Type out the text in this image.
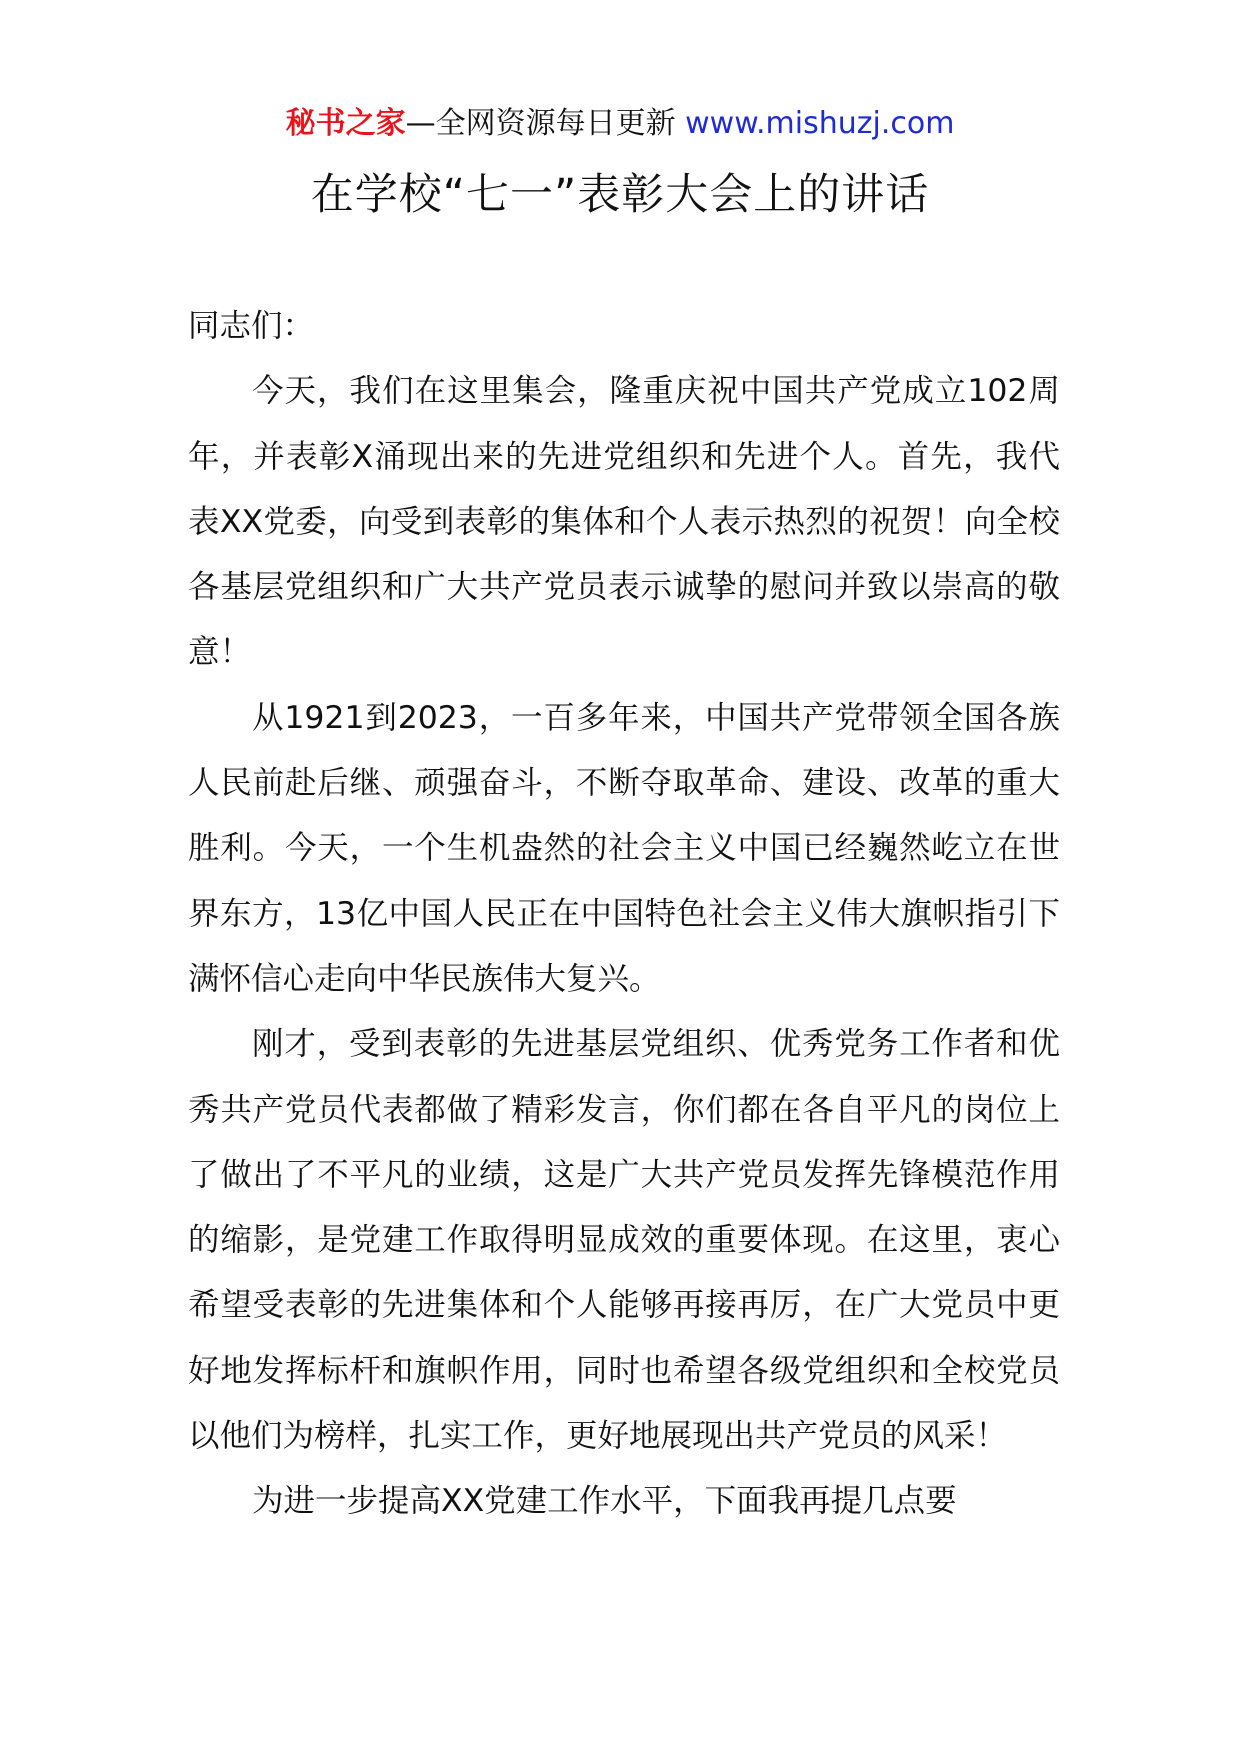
秘书之家—全网资源每日更新 www.mishuzj.com
在学校“七一”表彰大会上的讲话

同志们：

今天，我们在这里集会，隆重庆祝中国共产党成立102周年，并表彰X涌现出来的先进党组织和先进个人。首先，我代表XX党委，向受到表彰的集体和个人表示热烈的祝贺！向全校各基层党组织和广大共产党员表示诚挚的慰问并致以崇高的敬意！

从1921到2023，一百多年来，中国共产党带领全国各族人民前赴后继、顽强奋斗，不断夺取革命、建设、改革的重大胜利。今天，一个生机盎然的社会主义中国已经巍然屹立在世界东方，13亿中国人民正在中国特色社会主义伟大旗帜指引下满怀信心走向中华民族伟大复兴。

刚才，受到表彰的先进基层党组织、优秀党务工作者和优秀共产党员代表都做了精彩发言，你们都在各自平凡的岗位上了做出了不平凡的业绩，这是广大共产党员发挥先锋模范作用的缩影，是党建工作取得明显成效的重要体现。在这里，衷心希望受表彰的先进集体和个人能够再接再厉，在广大党员中更好地发挥标杆和旗帜作用，同时也希望各级党组织和全校党员以他们为榜样，扎实工作，更好地展现出共产党员的风采！

为进一步提高XX党建工作水平，下面我再提几点要
